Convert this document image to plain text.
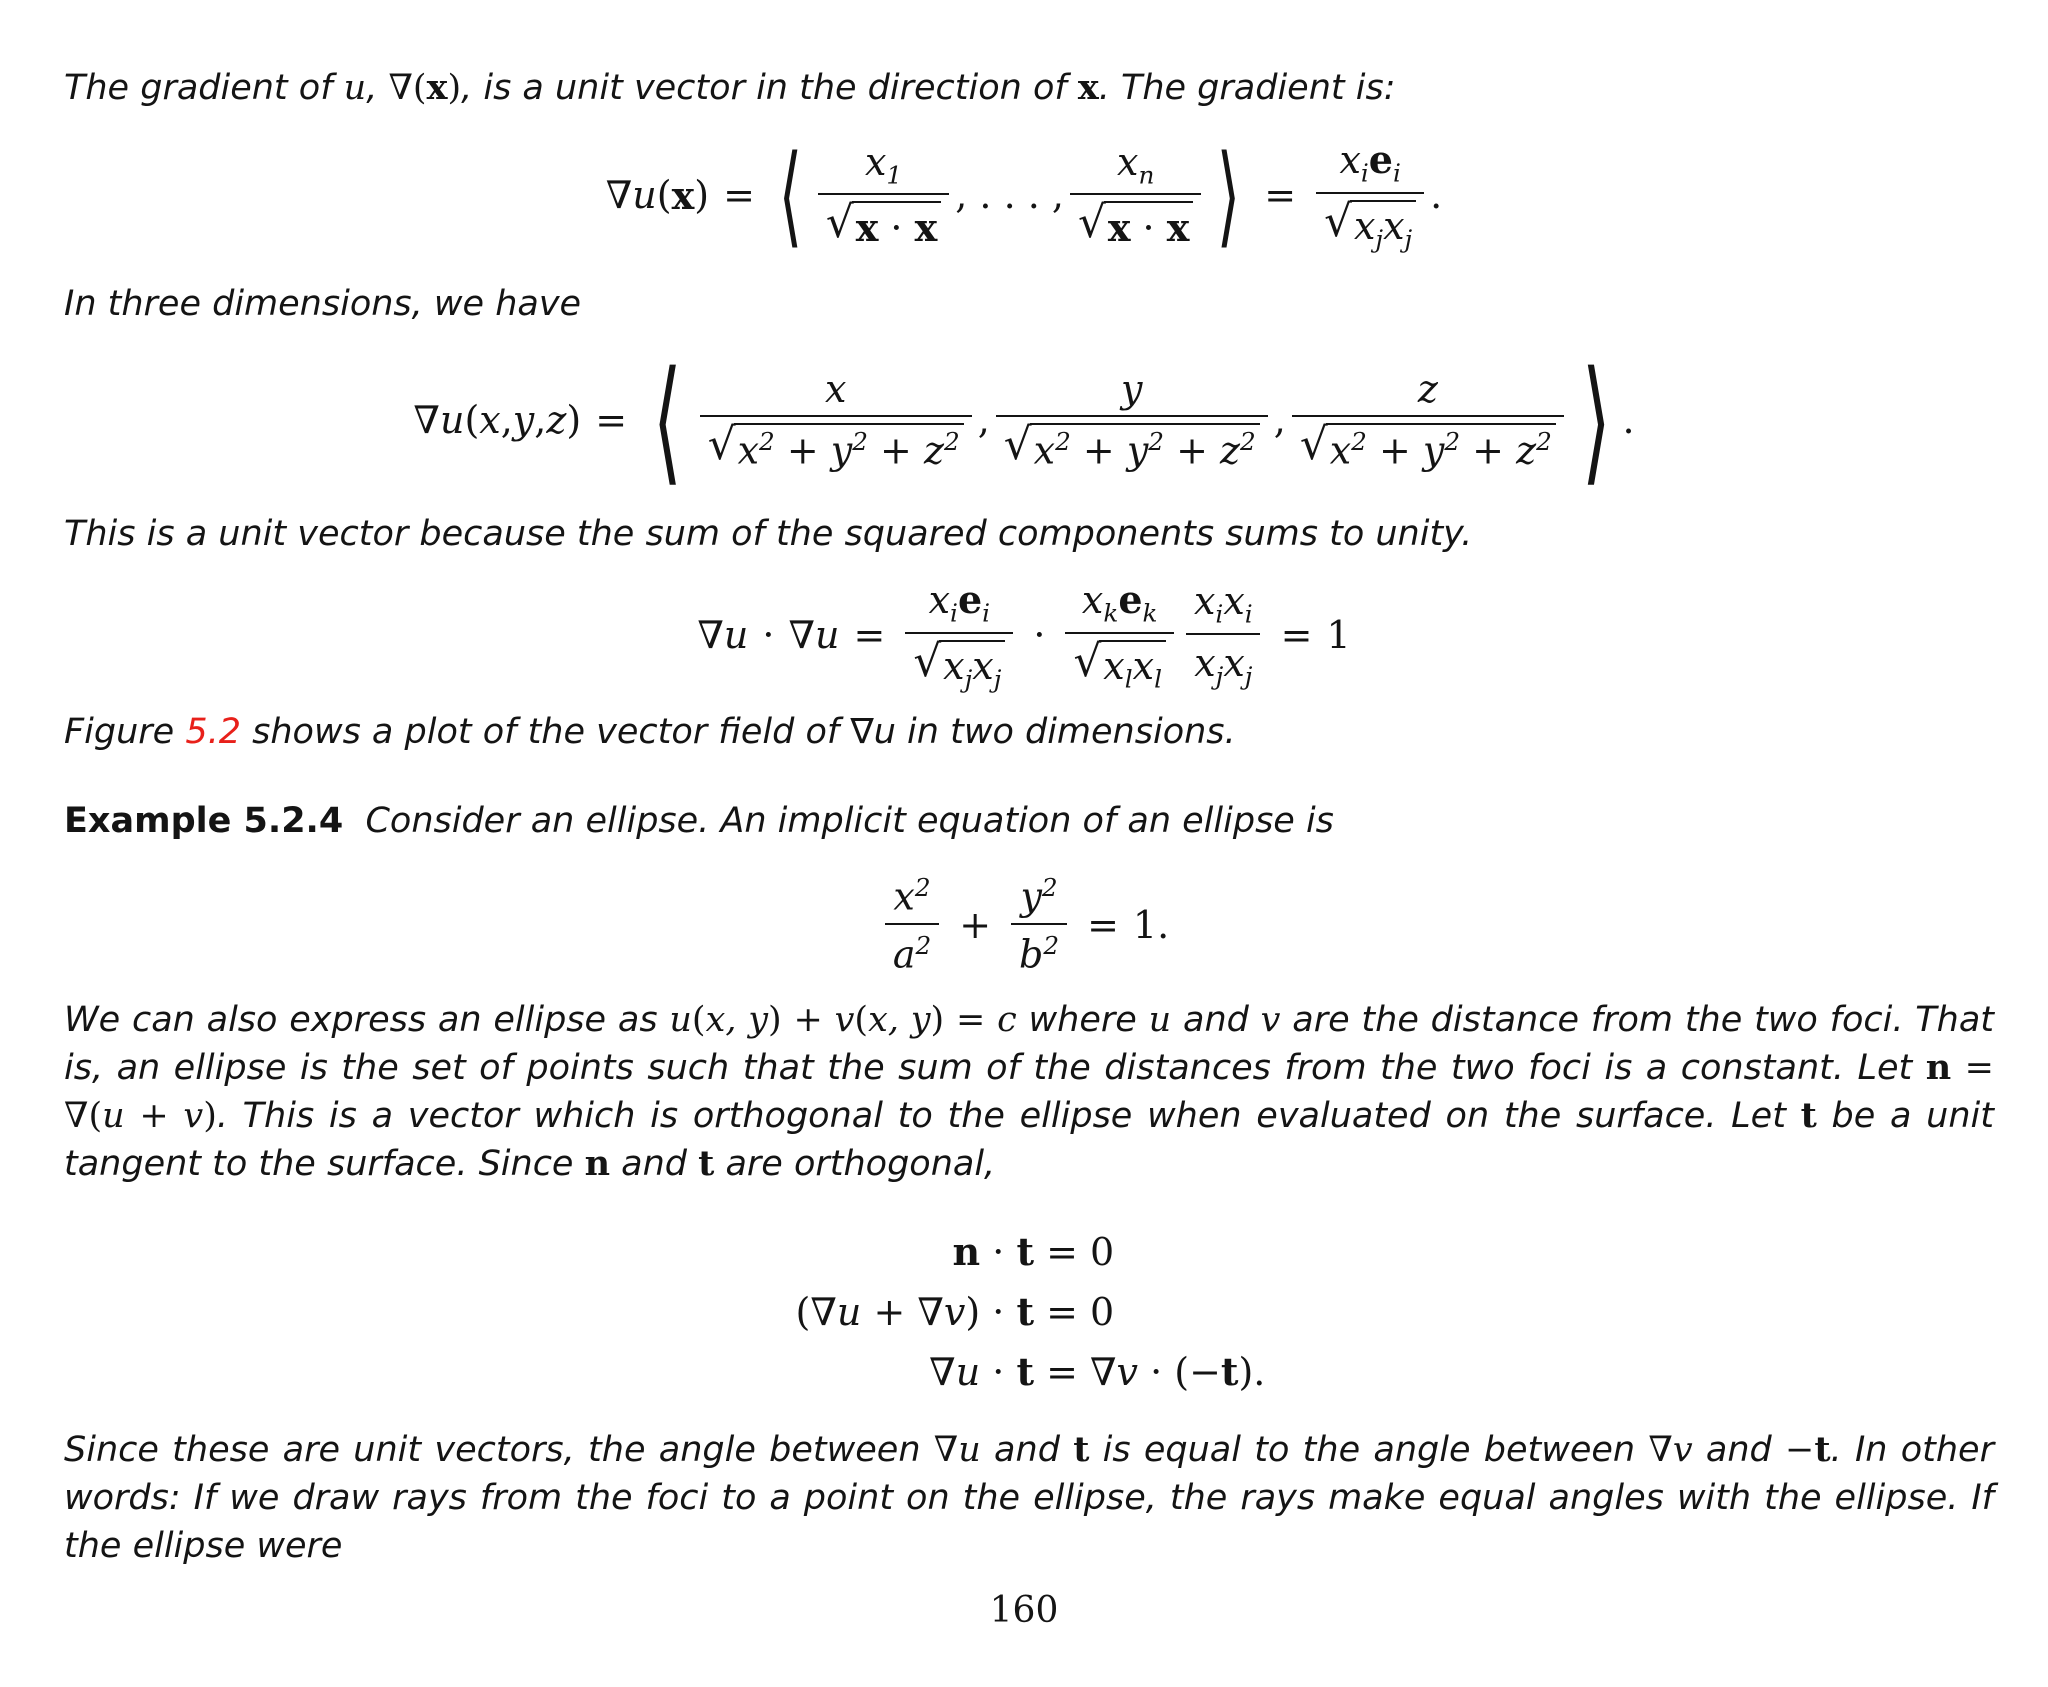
The gradient of u, ∇(x), is a unit vector in the direction of x. The gradient is:
∇ u ( x ) = ⟨ $\frac{x_1}{√ x \cdot x}$ , . . . , $\frac{x_n}{√ x \cdot x}$ ⟩ = $\frac{x_ie_i}{√ x_jx_j}$ .
In three dimensions, we have
∇ u ( x , y , z ) = ⟨ $\frac{x}{√ x^2 + y^2 + z^2}$ , $\frac{y}{√ x^2 + y^2 + z^2}$ , $\frac{z}{√ x^2 + y^2 + z^2}$ ⟩ .
This is a unit vector because the sum of the squared components sums to unity.
∇ u · ∇ $u = \frac{x_ie_i}{√ x_jx_j} \cdot \frac{x_ke_k}{√ x_lx_l} \frac{x_ix_i}{x_jx_j} = 1$
Figure 5.2 shows a plot of the vector field of ∇u in two dimensions.
Example 5.2.4 Consider an ellipse. An implicit equation of an ellipse is
$\frac{x^2}{a^2} + \frac{y^2}{b^2} = 1$.
We can also express an ellipse as u(x, y) + v(x, y) = c where u and v are the distance from the two foci. That is, an ellipse is the set of points such that the sum of the distances from the two foci is a constant. Let n = ∇(u + v). This is a vector which is orthogonal to the ellipse when evaluated on the surface. Let t be a unit tangent to the surface. Since n and t are orthogonal,
n · t = 0
(∇u + ∇v) · t = 0
∇u · t = ∇v · (−t).
Since these are unit vectors, the angle between ∇u and t is equal to the angle between ∇v and −t. In other words: If we draw rays from the foci to a point on the ellipse, the rays make equal angles with the ellipse. If the ellipse were
160
